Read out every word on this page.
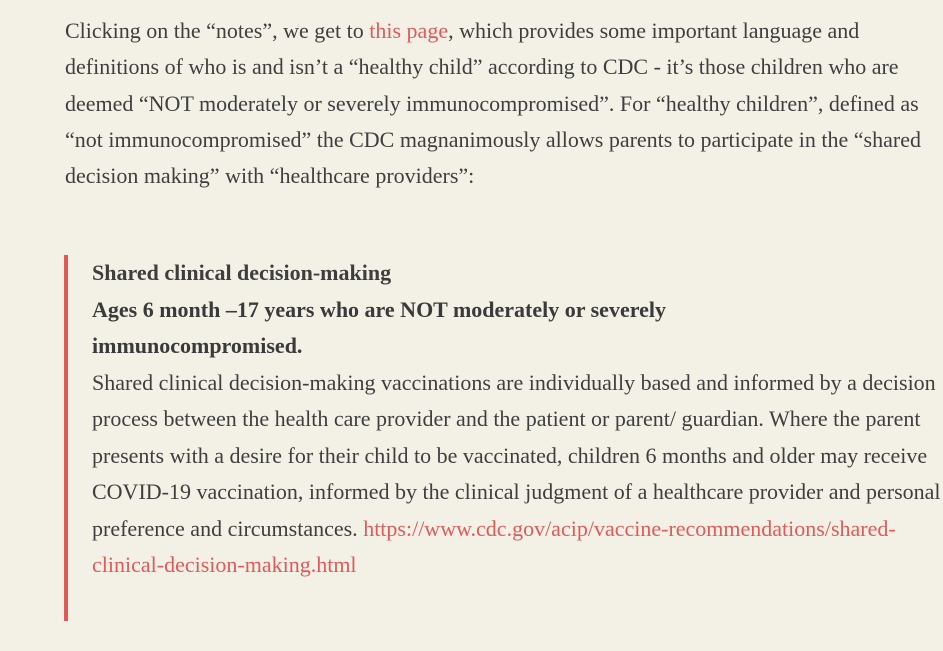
Clicking on the “notes”, we get to this page, which provides some important language and definitions of who is and isn’t a “healthy child” according to CDC - it’s those children who are deemed “NOT moderately or severely immunocompromised”. For “healthy children”, defined as “not immunocompromised” the CDC magnanimously allows parents to participate in the “shared decision making” with “healthcare providers”:

Shared clinical decision-making
Ages 6 month –17 years who are NOT moderately or severely immunocompromised.
Shared clinical decision-making vaccinations are individually based and informed by a decision process between the health care provider and the patient or parent/ guardian. Where the parent presents with a desire for their child to be vaccinated, children 6 months and older may receive COVID-19 vaccination, informed by the clinical judgment of a healthcare provider and personal preference and circumstances. https://www.cdc.gov/acip/vaccine-recommendations/shared-clinical-decision-making.html
